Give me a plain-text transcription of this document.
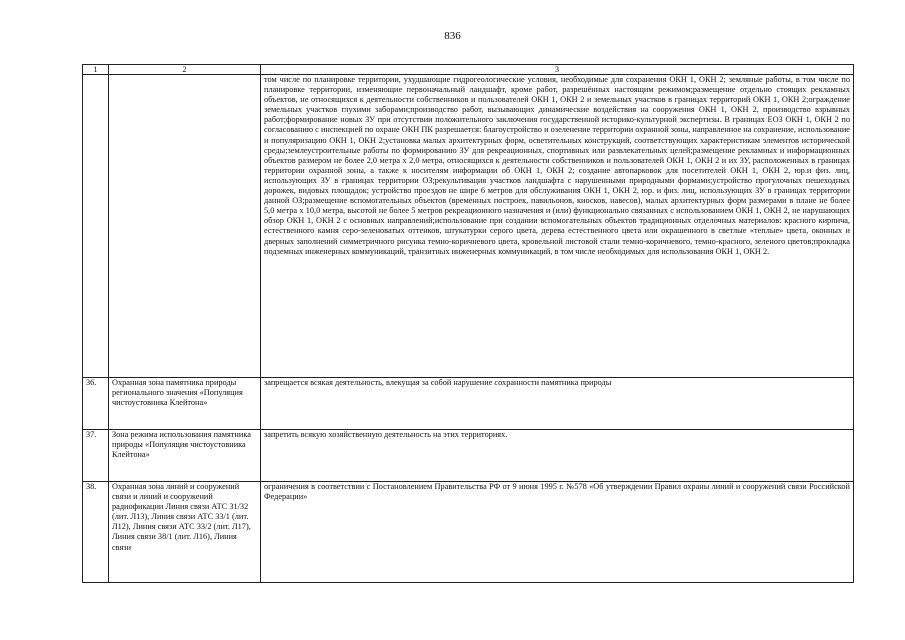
836
1	2	3
		том числе по планировке территории, ухудшающие гидрогеологические условия, необходимые для сохранения ОКН 1, ОКН 2; земляные работы, в том числе по планировке территории, изменяющие первоначальный ландшафт, кроме работ, разрешённых настоящим режимом;размещение отдельно стоящих рекламных объектов, не относящихся к деятельности собственников и пользователей ОКН 1, ОКН 2 и земельных участков в границах территорий ОКН 1, ОКН 2;ограждение земельных участков глухими заборами;производство работ, вызывающих динамические воздействия на сооружения ОКН 1, ОКН 2, производство взрывных работ;формирование новых ЗУ при отсутствии положительного заключения государственной историко-культурной экспертизы. В границах ЕОЗ ОКН 1, ОКН 2 по согласованию с инспекцией по охране ОКН ПК разрешается: благоустройство и озеленение территории охранной зоны, направленное на сохранение, использование и популяризацию ОКН 1, ОКН 2;установка малых архитектурных форм, осветительных конструкций, соответствующих характеристикам элементов исторической среды;землеустроительные работы по формированию ЗУ для рекреационных, спортивных или развлекательных целей;размещение рекламных и информационных объектов размером не более 2,0 метра х 2,0 метра, относящихся к деятельности собственников и пользователей ОКН 1, ОКН 2 и их ЗУ, расположенных в границах территории охранной зоны, а также к носителям информации об ОКН 1, ОКН 2; создание автопарковок для посетителей ОКН 1, ОКН 2, юр.и физ. лиц, использующих ЗУ в границах территории ОЗ;рекультивация участков ландшафта с нарушенными природными формами;устройство прогулочных пешеходных дорожек, видовых площадок; устройство проездов не шире 6 метров для обслуживания ОКН 1, ОКН 2, юр. и физ. лиц, использующих ЗУ в границах территории данной ОЗ;размещение вспомогательных объектов (временных построек, павильонов, киосков, навесов), малых архитектурных форм размерами в плане не более 5,0 метра х 10,0 метра, высотой не более 5 метров рекреационного назначения и (или) функционально связанных с использованием ОКН 1, ОКН 2, не нарушающих обзор ОКН 1, ОКН 2 с основных направлений;использование при создании вспомогательных объектов традиционных отделочных материалов: красного кирпича, естественного камня серо-зеленоватых оттенков, штукатурки серого цвета, дерева естественного цвета или окрашенного в светлые «теплые» цвета, оконных и дверных заполнений симметричного рисунка темно-коричневого цвета, кровельной листовой стали темно-коричневого, темно-красного, зеленого цветов;прокладка подземных инженерных коммуникаций, транзитных инженерных коммуникаций, в том числе необходимых для использования ОКН 1, ОКН 2.
36.	Охранная зона памятника природы регионального значения «Популяция чистоустовника Клейтона»	запрещается всякая деятельность, влекущая за собой нарушение сохранности памятника природы
37.	Зона режима использования памятника природы «Популяция чистоустовника Клейтона»	запретить всякую хозяйственную деятельность на этих территориях.
38.	Охранная зона линий и сооружений связи и линий и сооружений радиофикации Линия связи АТС 31/32 (лит. Л13), Линия связи АТС 33/1 (лит. Л12), Линия связи АТС 33/2 (лит. Л17), Линия связи 38/1 (лит. Л16), Линия связи	ограничения в соответствии с Постановлением Правительства РФ от 9 июня 1995 г. №578 «Об утверждении Правил охраны линий и сооружений связи Российской Федерации»
